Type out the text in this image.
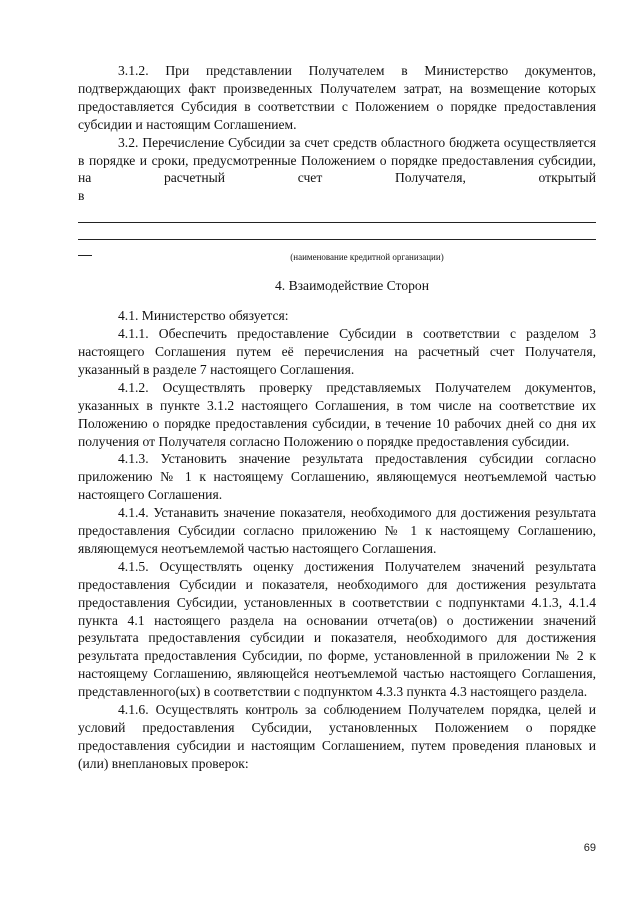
3.1.2. При представлении Получателем в Министерство документов, подтверждающих факт произведенных Получателем затрат, на возмещение которых предоставляется Субсидия в соответствии с Положением о порядке предоставления субсидии и настоящим Соглашением.

3.2. Перечисление Субсидии за счет средств областного бюджета осуществляется в порядке и сроки, предусмотренные Положением о порядке предоставления субсидии, на расчетный счет Получателя, открытый

в

(наименование кредитной организации)

4. Взаимодействие Сторон

4.1. Министерство обязуется:

4.1.1. Обеспечить предоставление Субсидии в соответствии с разделом 3 настоящего Соглашения путем её перечисления на расчетный счет Получателя, указанный в разделе 7 настоящего Соглашения.

4.1.2. Осуществлять проверку представляемых Получателем документов, указанных в пункте 3.1.2 настоящего Соглашения, в том числе на соответствие их Положению о порядке предоставления субсидии, в течение 10 рабочих дней со дня их получения от Получателя согласно Положению о порядке предоставления субсидии.

4.1.3. Установить значение результата предоставления субсидии согласно приложению № 1 к настоящему Соглашению, являющемуся неотъемлемой частью настоящего Соглашения.

4.1.4. Устанавить значение показателя, необходимого для достижения результата предоставления Субсидии согласно приложению № 1 к настоящему Соглашению, являющемуся неотъемлемой частью настоящего Соглашения.

4.1.5. Осуществлять оценку достижения Получателем значений результата предоставления Субсидии и показателя, необходимого для достижения результата предоставления Субсидии, установленных в соответствии с подпунктами 4.1.3, 4.1.4 пункта 4.1 настоящего раздела на основании отчета(ов) о достижении значений результата предоставления субсидии и показателя, необходимого для достижения результата предоставления Субсидии, по форме, установленной в приложении № 2 к настоящему Соглашению, являющейся неотъемлемой частью настоящего Соглашения, представленного(ых) в соответствии с подпунктом 4.3.3 пункта 4.3 настоящего раздела.

4.1.6. Осуществлять контроль за соблюдением Получателем порядка, целей и условий предоставления Субсидии, установленных Положением о порядке предоставления субсидии и настоящим Соглашением, путем проведения плановых и (или) внеплановых проверок:

69
